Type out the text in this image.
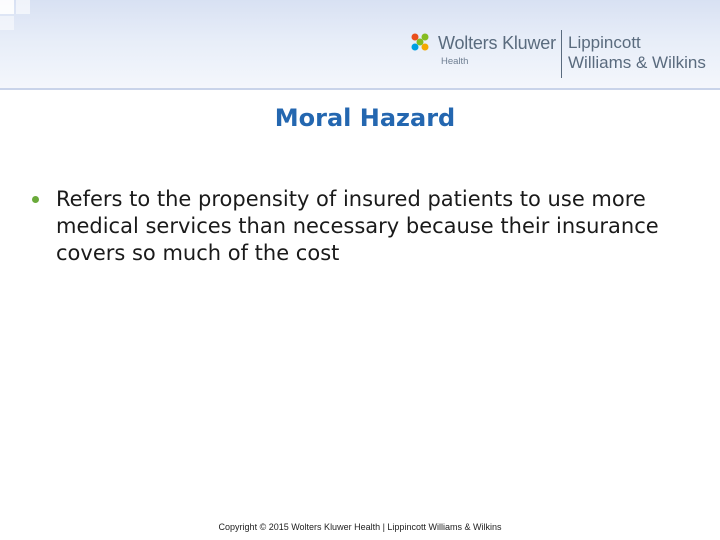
Wolters Kluwer
Health
Lippincott
Williams & Wilkins
Moral Hazard
Refers to the propensity of insured patients to use more medical services than necessary because their insurance covers so much of the cost
Copyright © 2015 Wolters Kluwer Health | Lippincott Williams & Wilkins
